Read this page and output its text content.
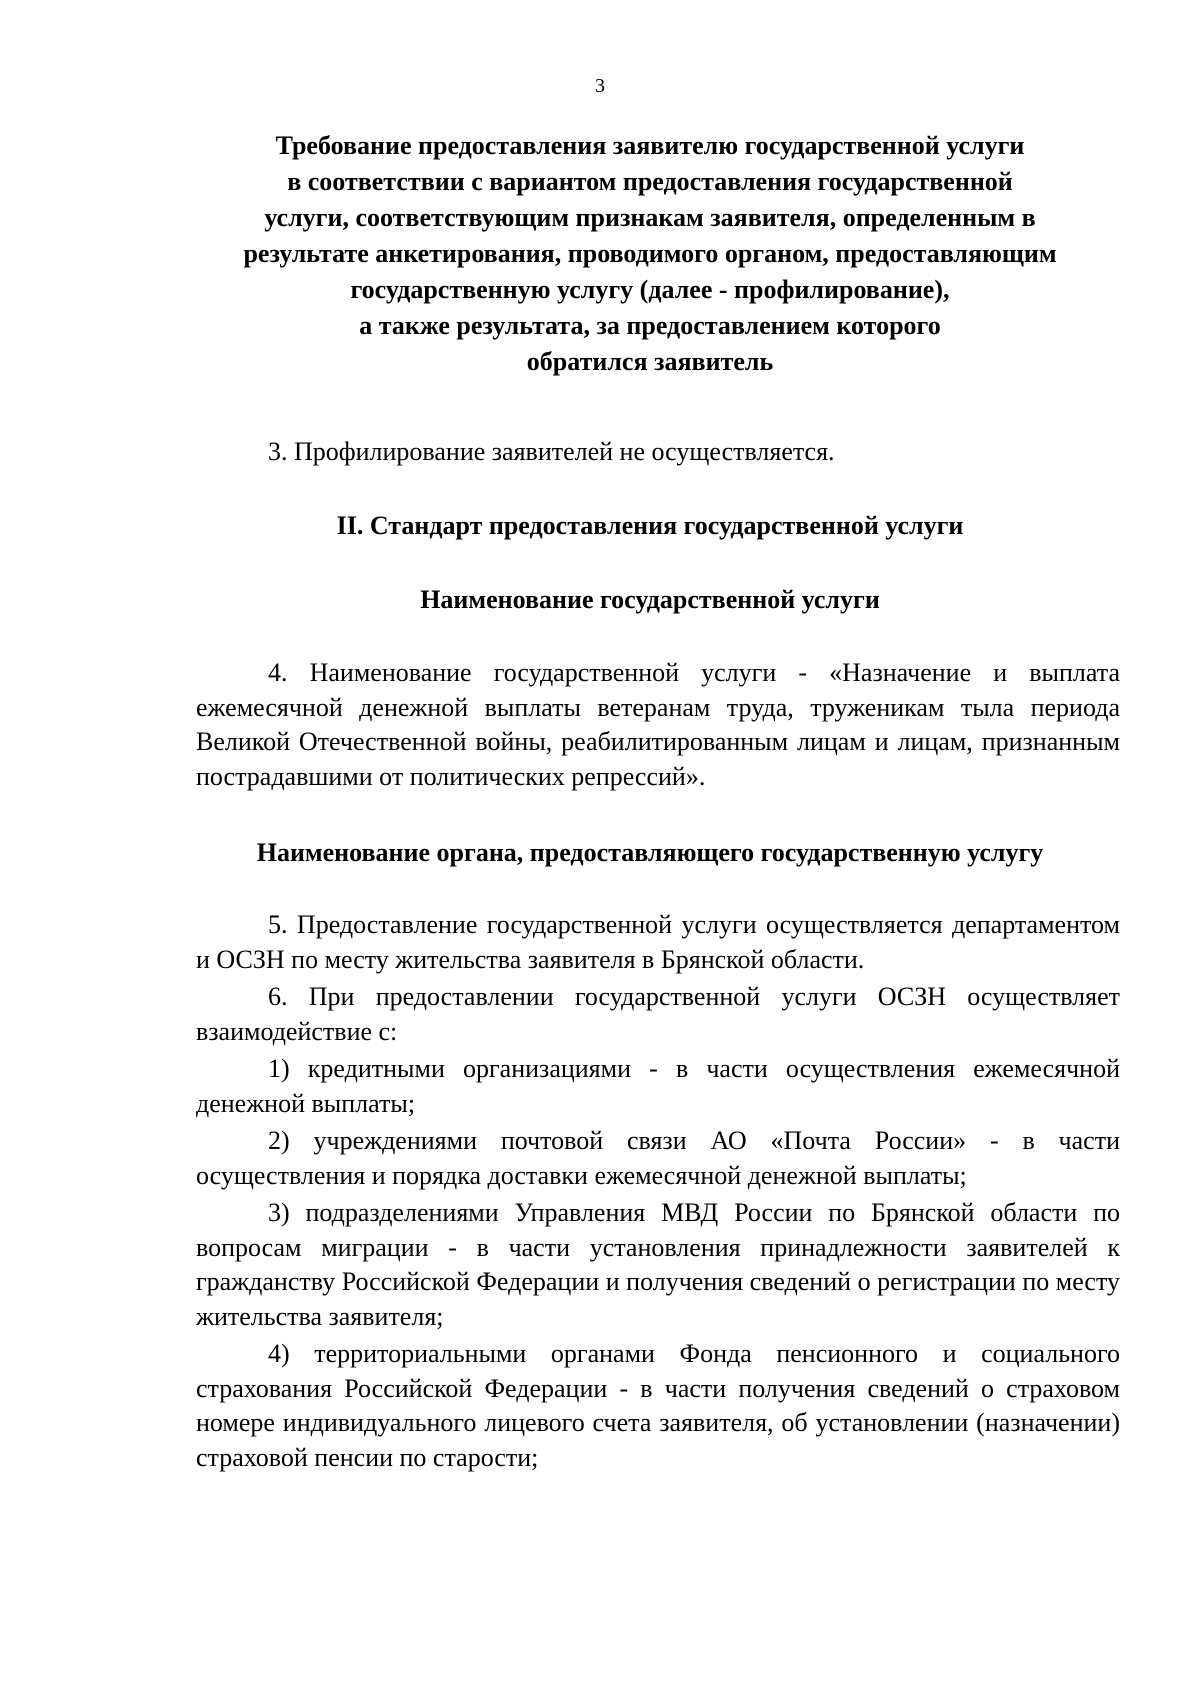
3
Требование предоставления заявителю государственной услуги
в соответствии с вариантом предоставления государственной
услуги, соответствующим признакам заявителя, определенным в
результате анкетирования, проводимого органом, предоставляющим
государственную услугу (далее - профилирование),
а также результата, за предоставлением которого
обратился заявитель
3. Профилирование заявителей не осуществляется.
II. Стандарт предоставления государственной услуги
Наименование государственной услуги
4. Наименование государственной услуги - «Назначение и выплата ежемесячной денежной выплаты ветеранам труда, труженикам тыла периода Великой Отечественной войны, реабилитированным лицам и лицам, признанным пострадавшими от политических репрессий».
Наименование органа, предоставляющего государственную услугу
5. Предоставление государственной услуги осуществляется департаментом и ОСЗН по месту жительства заявителя в Брянской области.
6. При предоставлении государственной услуги ОСЗН осуществляет взаимодействие с:
1) кредитными организациями - в части осуществления ежемесячной денежной выплаты;
2) учреждениями почтовой связи АО «Почта России» - в части осуществления и порядка доставки ежемесячной денежной выплаты;
3) подразделениями Управления МВД России по Брянской области по вопросам миграции - в части установления принадлежности заявителей к гражданству Российской Федерации и получения сведений о регистрации по месту жительства заявителя;
4) территориальными органами Фонда пенсионного и социального страхования Российской Федерации - в части получения сведений о страховом номере индивидуального лицевого счета заявителя, об установлении (назначении) страховой пенсии по старости;
